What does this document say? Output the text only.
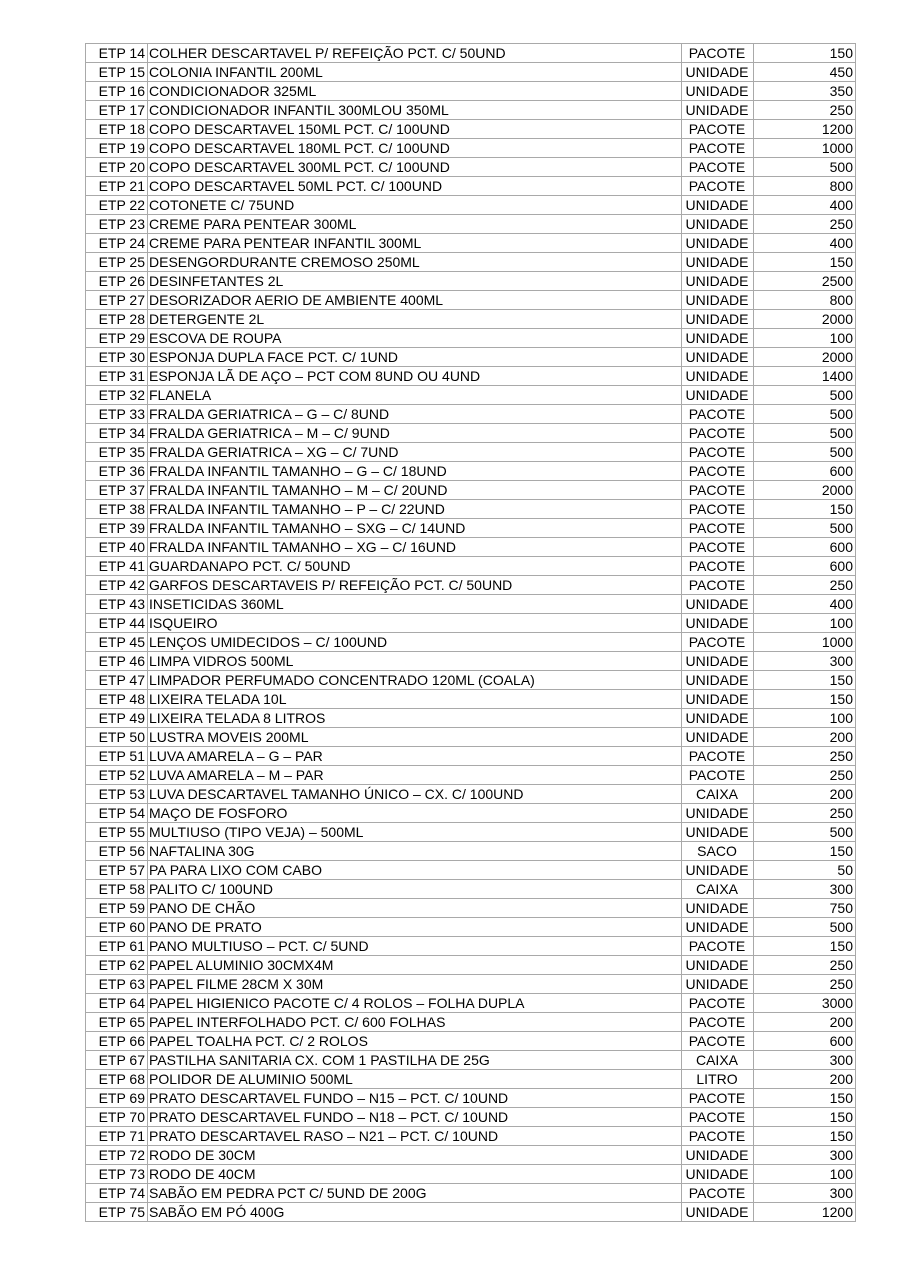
ETP 14	COLHER DESCARTAVEL P/ REFEIÇÃO PCT. C/ 50UND	PACOTE	150
ETP 15	COLONIA INFANTIL 200ML	UNIDADE	450
ETP 16	CONDICIONADOR 325ML	UNIDADE	350
ETP 17	CONDICIONADOR INFANTIL 300MLOU 350ML	UNIDADE	250
ETP 18	COPO DESCARTAVEL 150ML PCT. C/ 100UND	PACOTE	1200
ETP 19	COPO DESCARTAVEL 180ML PCT. C/ 100UND	PACOTE	1000
ETP 20	COPO DESCARTAVEL 300ML PCT. C/ 100UND	PACOTE	500
ETP 21	COPO DESCARTAVEL 50ML PCT. C/ 100UND	PACOTE	800
ETP 22	COTONETE C/ 75UND	UNIDADE	400
ETP 23	CREME PARA PENTEAR 300ML	UNIDADE	250
ETP 24	CREME PARA PENTEAR INFANTIL 300ML	UNIDADE	400
ETP 25	DESENGORDURANTE CREMOSO 250ML	UNIDADE	150
ETP 26	DESINFETANTES 2L	UNIDADE	2500
ETP 27	DESORIZADOR AERIO DE AMBIENTE 400ML	UNIDADE	800
ETP 28	DETERGENTE 2L	UNIDADE	2000
ETP 29	ESCOVA DE ROUPA	UNIDADE	100
ETP 30	ESPONJA DUPLA FACE PCT. C/ 1UND	UNIDADE	2000
ETP 31	ESPONJA LÃ DE AÇO – PCT COM 8UND OU 4UND	UNIDADE	1400
ETP 32	FLANELA	UNIDADE	500
ETP 33	FRALDA GERIATRICA – G – C/ 8UND	PACOTE	500
ETP 34	FRALDA GERIATRICA – M – C/ 9UND	PACOTE	500
ETP 35	FRALDA GERIATRICA – XG – C/ 7UND	PACOTE	500
ETP 36	FRALDA INFANTIL TAMANHO – G – C/ 18UND	PACOTE	600
ETP 37	FRALDA INFANTIL TAMANHO – M – C/ 20UND	PACOTE	2000
ETP 38	FRALDA INFANTIL TAMANHO – P – C/ 22UND	PACOTE	150
ETP 39	FRALDA INFANTIL TAMANHO – SXG – C/ 14UND	PACOTE	500
ETP 40	FRALDA INFANTIL TAMANHO – XG – C/ 16UND	PACOTE	600
ETP 41	GUARDANAPO PCT. C/ 50UND	PACOTE	600
ETP 42	GARFOS DESCARTAVEIS P/ REFEIÇÃO PCT. C/ 50UND	PACOTE	250
ETP 43	INSETICIDAS 360ML	UNIDADE	400
ETP 44	ISQUEIRO	UNIDADE	100
ETP 45	LENÇOS UMIDECIDOS – C/ 100UND	PACOTE	1000
ETP 46	LIMPA VIDROS 500ML	UNIDADE	300
ETP 47	LIMPADOR PERFUMADO CONCENTRADO 120ML (COALA)	UNIDADE	150
ETP 48	LIXEIRA TELADA 10L	UNIDADE	150
ETP 49	LIXEIRA TELADA 8 LITROS	UNIDADE	100
ETP 50	LUSTRA MOVEIS 200ML	UNIDADE	200
ETP 51	LUVA AMARELA – G – PAR	PACOTE	250
ETP 52	LUVA AMARELA – M – PAR	PACOTE	250
ETP 53	LUVA DESCARTAVEL TAMANHO ÚNICO – CX. C/ 100UND	CAIXA	200
ETP 54	MAÇO DE FOSFORO	UNIDADE	250
ETP 55	MULTIUSO (TIPO VEJA) – 500ML	UNIDADE	500
ETP 56	NAFTALINA 30G	SACO	150
ETP 57	PA PARA LIXO COM CABO	UNIDADE	50
ETP 58	PALITO C/ 100UND	CAIXA	300
ETP 59	PANO DE CHÃO	UNIDADE	750
ETP 60	PANO DE PRATO	UNIDADE	500
ETP 61	PANO MULTIUSO – PCT. C/ 5UND	PACOTE	150
ETP 62	PAPEL ALUMINIO 30CMX4M	UNIDADE	250
ETP 63	PAPEL FILME 28CM X 30M	UNIDADE	250
ETP 64	PAPEL HIGIENICO PACOTE C/ 4 ROLOS – FOLHA DUPLA	PACOTE	3000
ETP 65	PAPEL INTERFOLHADO PCT. C/ 600 FOLHAS	PACOTE	200
ETP 66	PAPEL TOALHA PCT. C/ 2 ROLOS	PACOTE	600
ETP 67	PASTILHA SANITARIA CX. COM 1 PASTILHA DE 25G	CAIXA	300
ETP 68	POLIDOR DE ALUMINIO 500ML	LITRO	200
ETP 69	PRATO DESCARTAVEL FUNDO – N15 – PCT. C/ 10UND	PACOTE	150
ETP 70	PRATO DESCARTAVEL FUNDO – N18 – PCT. C/ 10UND	PACOTE	150
ETP 71	PRATO DESCARTAVEL RASO – N21 – PCT. C/ 10UND	PACOTE	150
ETP 72	RODO DE 30CM	UNIDADE	300
ETP 73	RODO DE 40CM	UNIDADE	100
ETP 74	SABÃO EM PEDRA PCT C/ 5UND DE 200G	PACOTE	300
ETP 75	SABÃO EM PÓ 400G	UNIDADE	1200
